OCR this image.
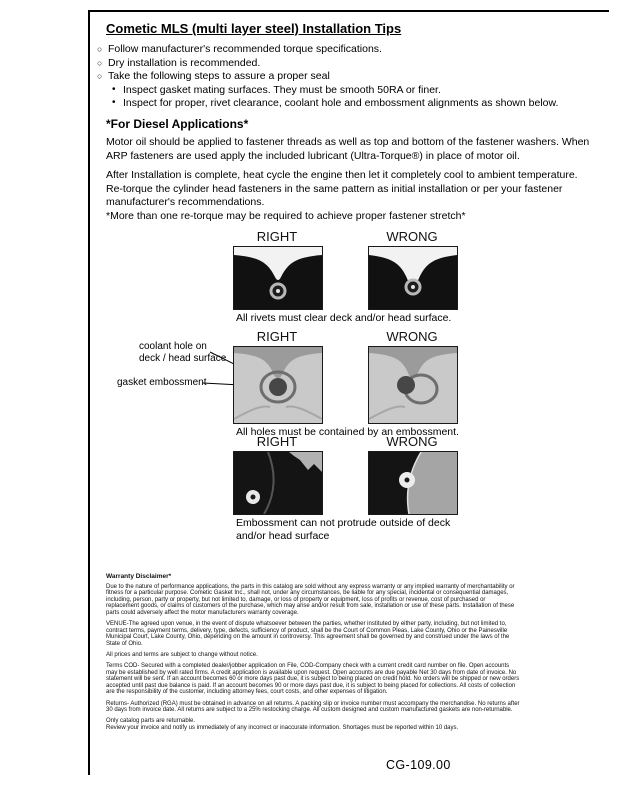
Cometic MLS (multi layer steel) Installation Tips
○ Follow manufacturer's recommended torque specifications.
○ Dry installation is recommended.
○ Take the following steps to assure a proper seal
• Inspect gasket mating surfaces. They must be smooth 50RA or finer.
• Inspect for proper, rivet clearance, coolant hole and embossment alignments as shown below.
*For Diesel Applications*
Motor oil should be applied to fastener threads as well as top and bottom of the fastener washers. When ARP fasteners are used apply the included lubricant (Ultra-Torque®) in place of motor oil.
After Installation is complete, heat cycle the engine then let it completely cool to ambient temperature. Re-torque the cylinder head fasteners in the same pattern as initial installation or per your fastener manufacturer's recommendations.
*More than one re-torque may be required to achieve proper fastener stretch*
RIGHT	WRONG
All rivets must clear deck and/or head surface.
RIGHT	WRONG
coolant hole on
deck / head surface
gasket embossment
All holes must be contained by an embossment.
RIGHT	WRONG
Embossment can not protrude outside of deck and/or head surface
Warranty Disclaimer*

Due to the nature of performance applications, the parts in this catalog are sold without any express warranty or any implied warranty of merchantability or fitness for a particular purpose. Cometic Gasket Inc., shall not, under any circumstances, be liable for any special, incidental or consequential damages, including, person, party or property, but not limited to, damage, or loss of property or equipment, loss of profits or revenue, cost of purchased or replacement goods, or claims of customers of the purchase, which may arise and/or result from sale, installation or use of these parts. Installation of these parts could adversely affect the motor manufacturers warranty coverage.

VENUE-The agreed upon venue, in the event of dispute whatsoever between the parties, whether instituted by either party, including, but not limited to, contract terms, payment terms, delivery, type, defects, sufficiency of product, shall be the Court of Common Pleas, Lake County, Ohio or the Painesville Municipal Court, Lake County, Ohio, depending on the amount in controversy. This agreement shall be governed by and construed under the laws of the State of Ohio.

All prices and terms are subject to change without notice.

Terms COD- Secured with a completed dealer/jobber application on File, COD-Company check with a current credit card number on file. Open accounts may be established by well rated firms. A credit application is available upon request. Open accounts are due payable Net 30 days from date of invoice. No statement will be sent. If an account becomes 60 or more days past due, it is subject to being placed on credit hold. No orders will be shipped or new orders accepted until past due balance is paid. If an account becomes 90 or more days past due, it is subject to being placed for collections. All costs of collection are the responsibility of the customer, including attorney fees, court costs, and other expenses of litigation.

Returns- Authorized (RGA) must be obtained in advance on all returns. A packing slip or invoice number must accompany the merchandise. No returns after 30 days from invoice date. All returns are subject to a 25% restocking charge. All custom designed and custom manufactured gaskets are non-returnable.

Only catalog parts are returnable.

Review your invoice and notify us immediately of any incorrect or inaccurate information. Shortages must be reported within 10 days.

CG-109.00
